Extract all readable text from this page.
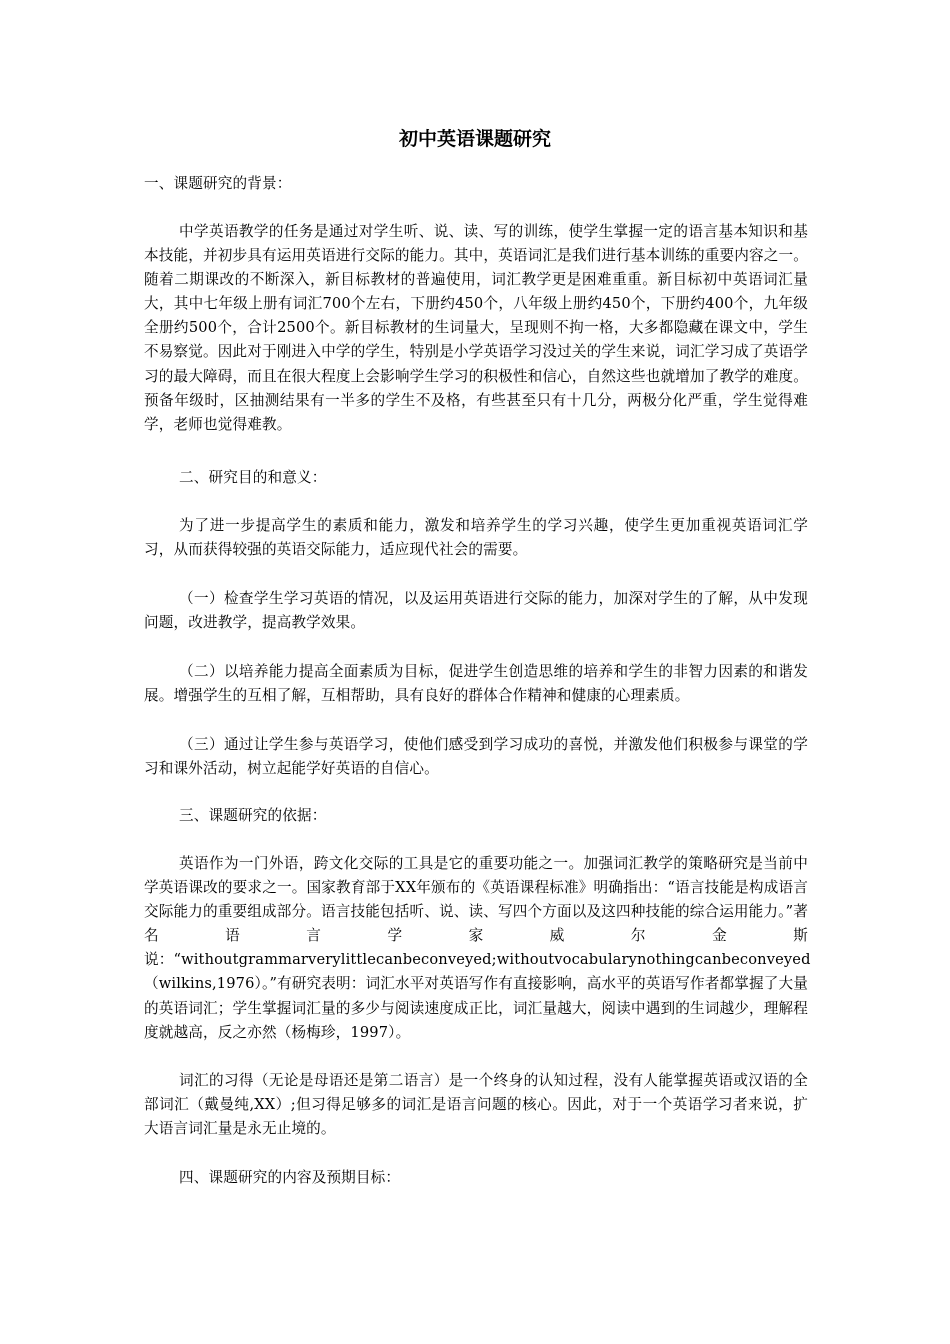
初中英语课题研究

一、课题研究的背景：

中学英语教学的任务是通过对学生听、说、读、写的训练，使学生掌握一定的语言基本知识和基本技能，并初步具有运用英语进行交际的能力。其中，英语词汇是我们进行基本训练的重要内容之一。随着二期课改的不断深入，新目标教材的普遍使用，词汇教学更是困难重重。新目标初中英语词汇量大，其中七年级上册有词汇700个左右，下册约450个，八年级上册约450个，下册约400个，九年级全册约500个，合计2500个。新目标教材的生词量大，呈现则不拘一格，大多都隐藏在课文中，学生不易察觉。因此对于刚进入中学的学生，特别是小学英语学习没过关的学生来说，词汇学习成了英语学习的最大障碍，而且在很大程度上会影响学生学习的积极性和信心，自然这些也就增加了教学的难度。预备年级时，区抽测结果有一半多的学生不及格，有些甚至只有十几分，两极分化严重，学生觉得难学，老师也觉得难教。

二、研究目的和意义：

为了进一步提高学生的素质和能力，激发和培养学生的学习兴趣，使学生更加重视英语词汇学习，从而获得较强的英语交际能力，适应现代社会的需要。

（一）检查学生学习英语的情况，以及运用英语进行交际的能力，加深对学生的了解，从中发现问题，改进教学，提高教学效果。

（二）以培养能力提高全面素质为目标，促进学生创造思维的培养和学生的非智力因素的和谐发展。增强学生的互相了解，互相帮助，具有良好的群体合作精神和健康的心理素质。

（三）通过让学生参与英语学习，使他们感受到学习成功的喜悦，并激发他们积极参与课堂的学习和课外活动，树立起能学好英语的自信心。

三、课题研究的依据：

英语作为一门外语，跨文化交际的工具是它的重要功能之一。加强词汇教学的策略研究是当前中学英语课改的要求之一。国家教育部于XX年颁布的《英语课程标准》明确指出：“语言技能是构成语言交际能力的重要组成部分。语言技能包括听、说、读、写四个方面以及这四种技能的综合运用能力。”著名语言学家威尔金斯说：“withoutgrammarverylittlecanbeconveyed;withoutvocabularynothingcanbeconveyed（wilkins,1976）。”有研究表明：词汇水平对英语写作有直接影响，高水平的英语写作者都掌握了大量的英语词汇；学生掌握词汇量的多少与阅读速度成正比，词汇量越大，阅读中遇到的生词越少，理解程度就越高，反之亦然（杨梅珍，1997）。

词汇的习得（无论是母语还是第二语言）是一个终身的认知过程，没有人能掌握英语或汉语的全部词汇（戴曼纯,XX）;但习得足够多的词汇是语言问题的核心。因此，对于一个英语学习者来说，扩大语言词汇量是永无止境的。

四、课题研究的内容及预期目标：
